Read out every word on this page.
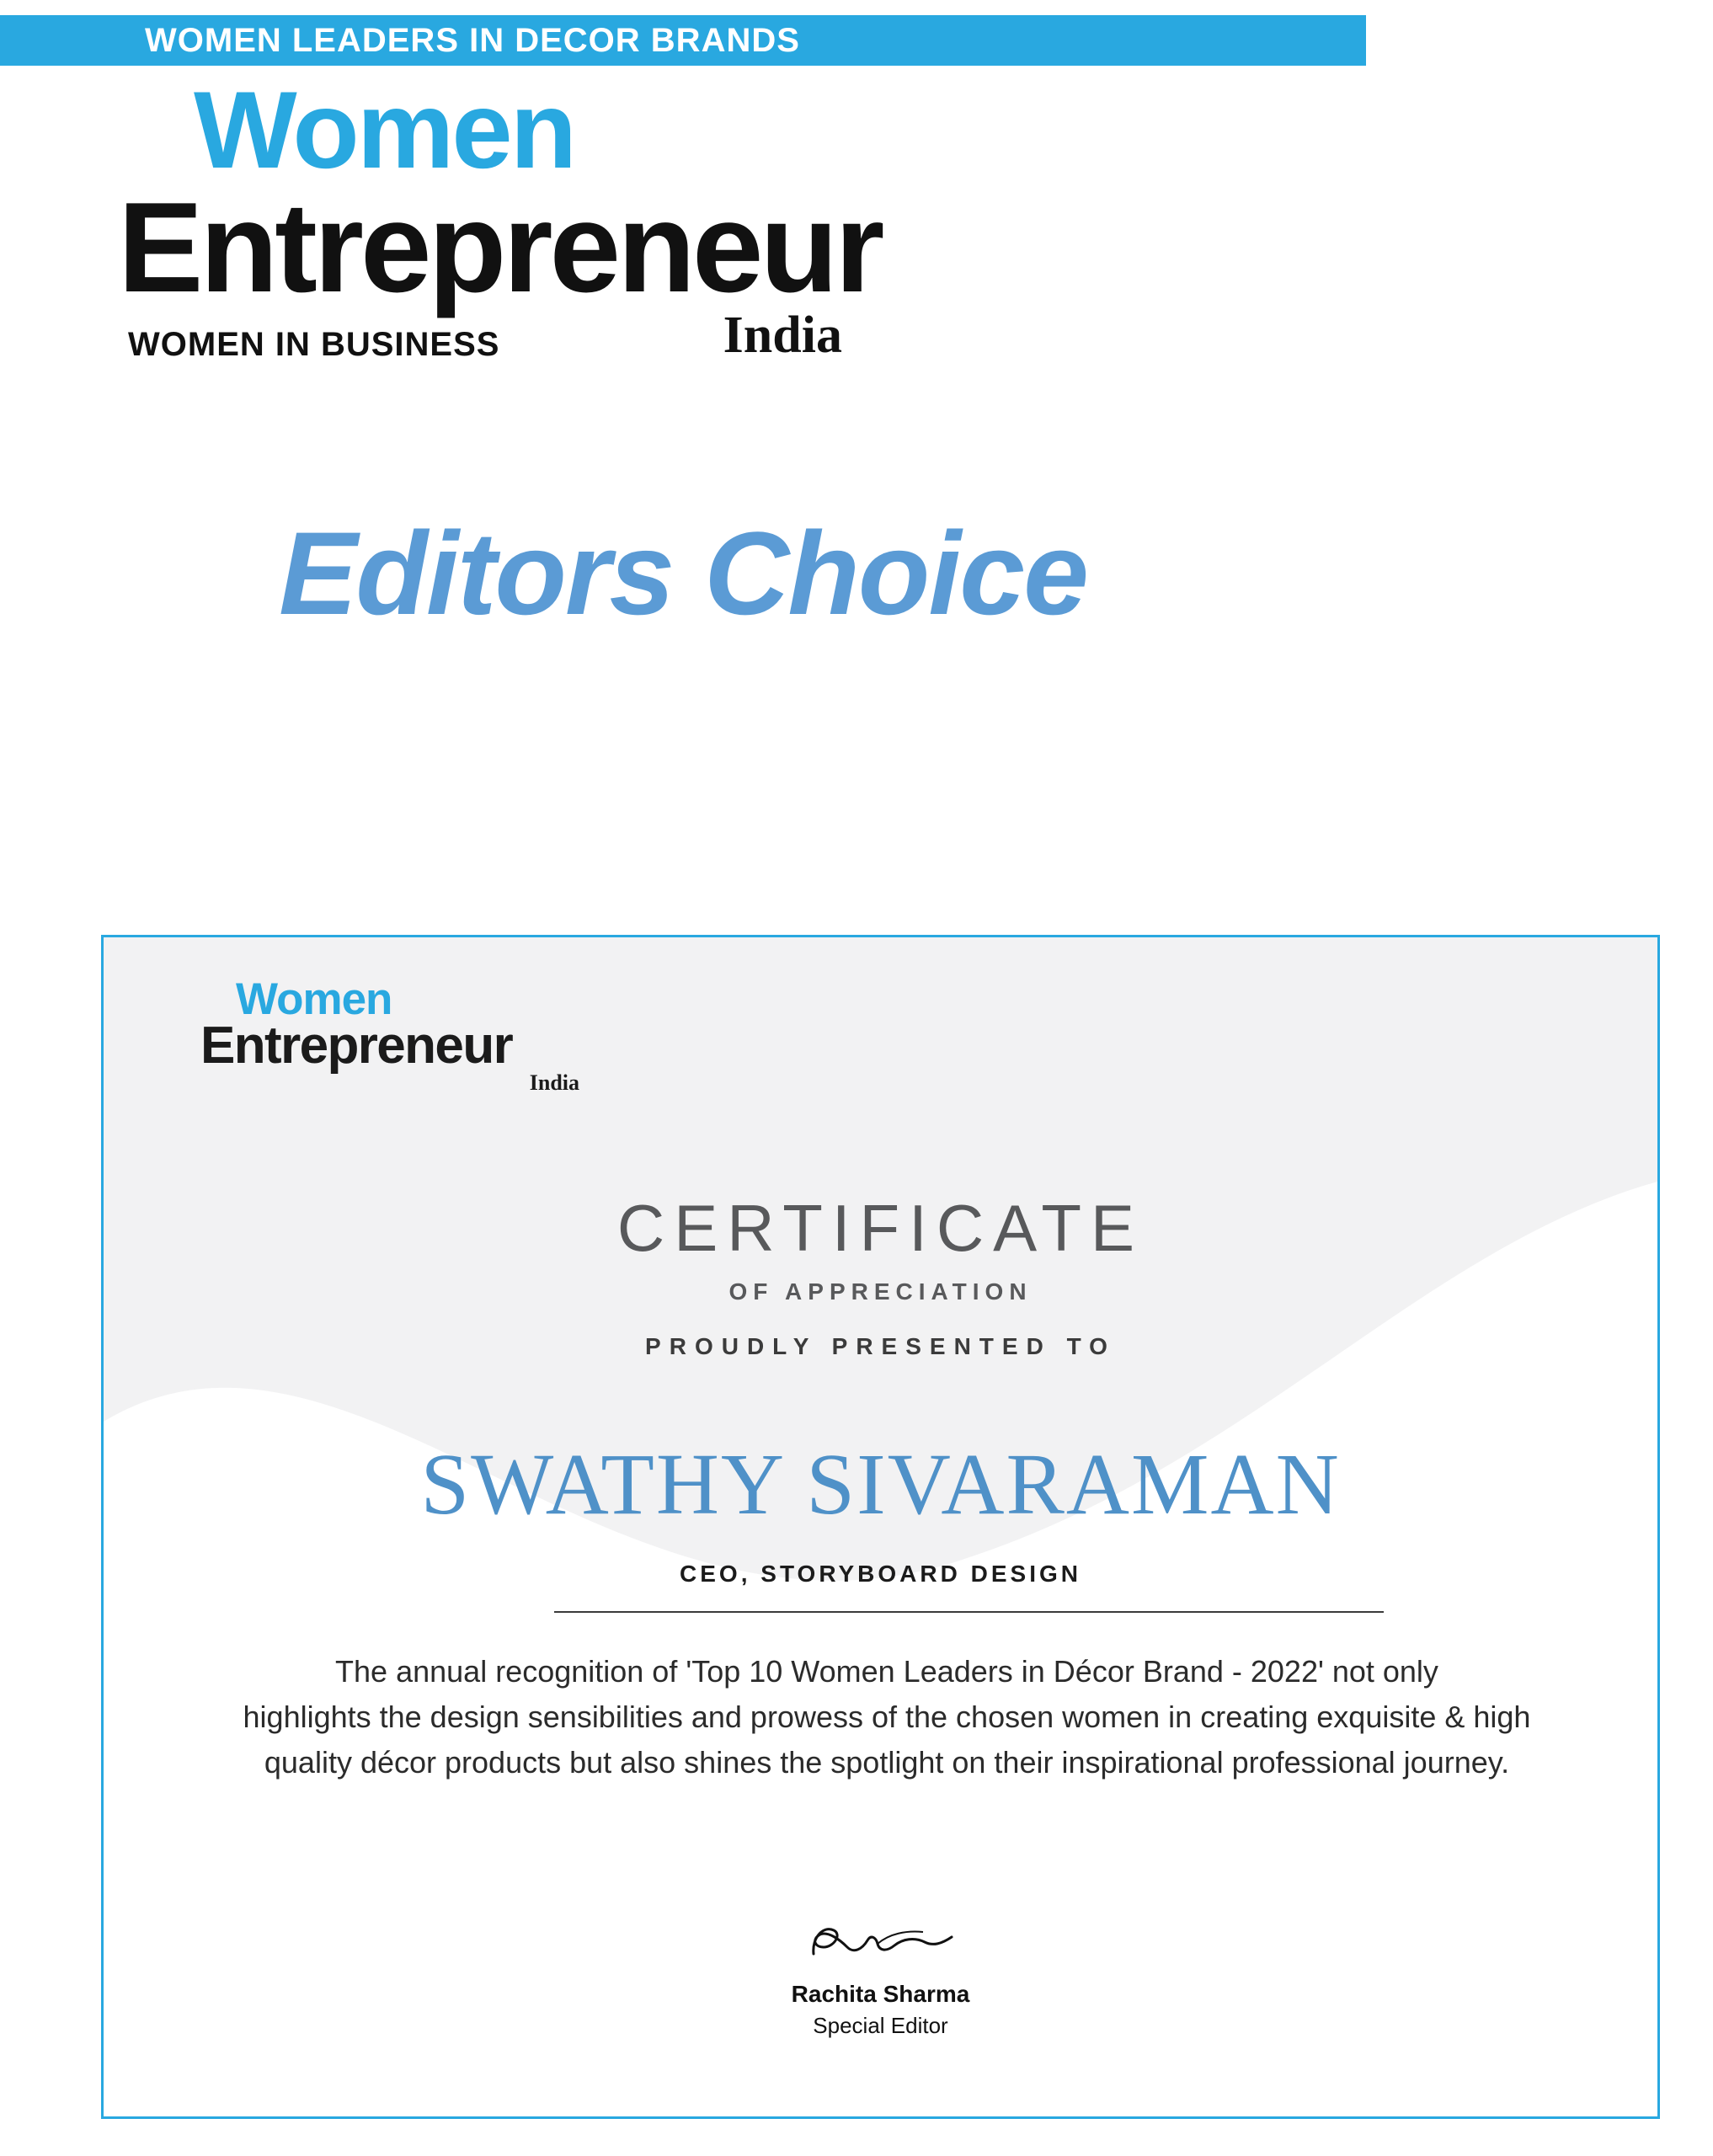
WOMEN LEADERS IN DECOR BRANDS
Women
Entrepreneur
India
WOMEN IN BUSINESS
Editors Choice
Women
Entrepreneur
India
CERTIFICATE
OF APPRECIATION
PROUDLY PRESENTED TO
SWATHY SIVARAMAN
CEO, STORYBOARD DESIGN
The annual recognition of 'Top 10 Women Leaders in Décor Brand - 2022' not only
highlights the design sensibilities and prowess of the chosen women in creating exquisite & high
quality décor products but also shines the spotlight on their inspirational professional journey.
Rachita Sharma
Special Editor
